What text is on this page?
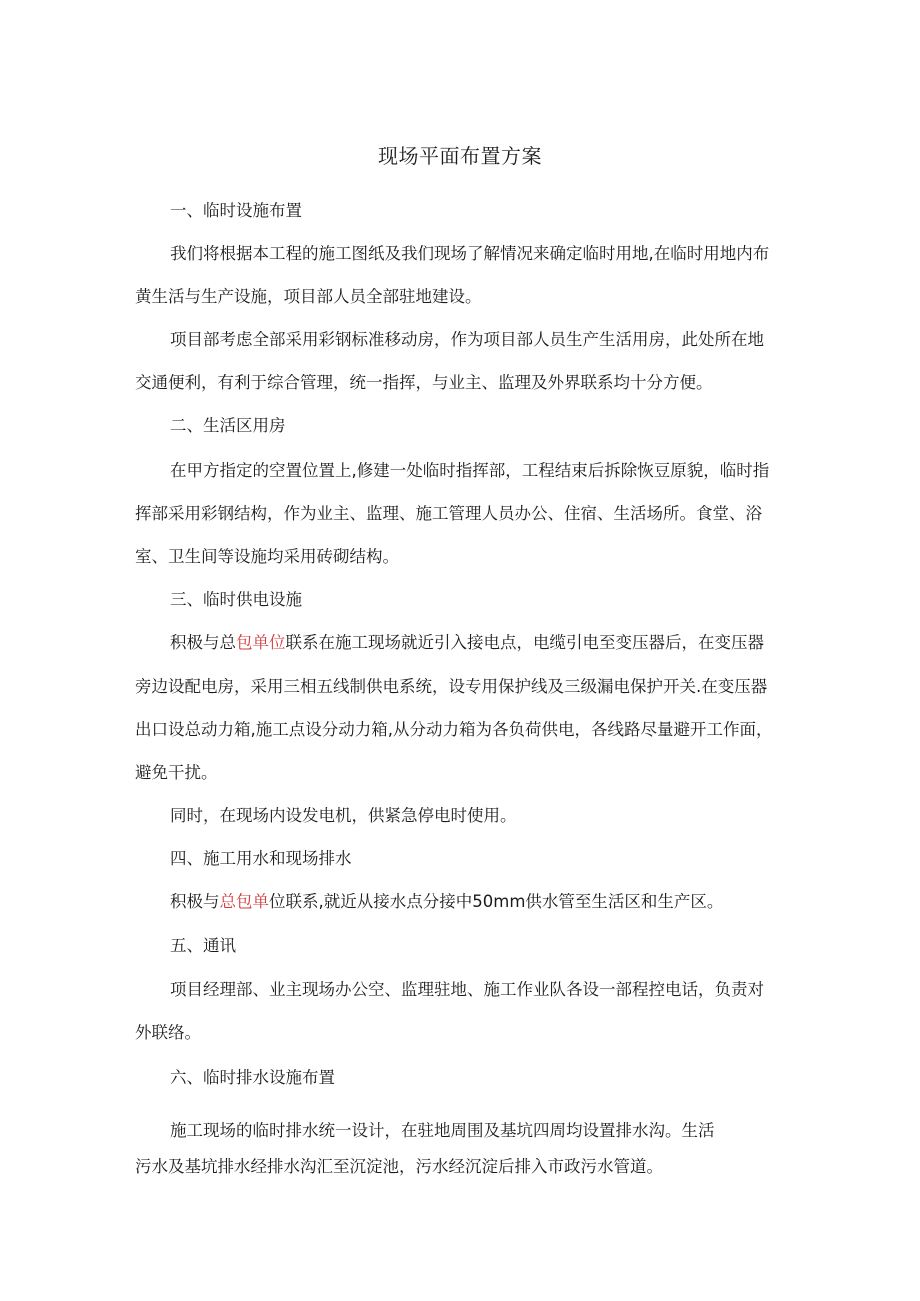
现场平面布置方案
一、临时设施布置
我们将根据本工程的施工图纸及我们现场了解情况来确定临时用地,在临时用地内布
黄生活与生产设施，项目部人员全部驻地建设。
项目部考虑全部采用彩钢标准移动房，作为项目部人员生产生活用房，此处所在地
交通便利，有利于综合管理，统一指挥，与业主、监理及外界联系均十分方便。
二、生活区用房
在甲方指定的空置位置上,修建一处临时指挥部，工程结束后拆除恢豆原貌，临时指
挥部采用彩钢结构，作为业主、监理、施工管理人员办公、住宿、生活场所。食堂、浴
室、卫生间等设施均采用砖砌结构。
三、临时供电设施
积极与总包单位联系在施工现场就近引入接电点，电缆引电至变压器后，在变压器
旁边设配电房，采用三相五线制供电系统，设专用保护线及三级漏电保护开关.在变压器
出口设总动力箱,施工点设分动力箱,从分动力箱为各负荷供电，各线路尽量避开工作面，
避免干扰。
同时，在现场内设发电机，供紧急停电时使用。
四、施工用水和现场排水
积极与总包单位联系,就近从接水点分接中50mm供水管至生活区和生产区。
五、通讯
项目经理部、业主现场办公空、监理驻地、施工作业队各设一部程控电话，负责对
外联络。
六、临时排水设施布置
施工现场的临时排水统一设计，在驻地周围及基坑四周均设置排水沟。生活
污水及基坑排水经排水沟汇至沉淀池，污水经沉淀后排入市政污水管道。
